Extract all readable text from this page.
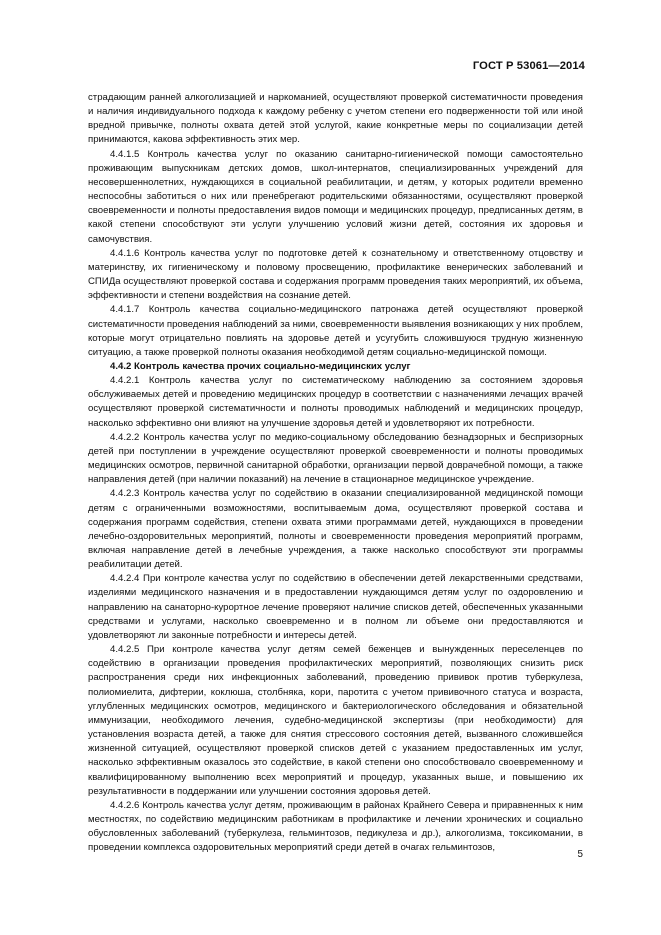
ГОСТ Р 53061—2014

страдающим ранней алкоголизацией и наркоманией, осуществляют проверкой систематичности проведения и наличия индивидуального подхода к каждому ребенку с учетом степени его подверженности той или иной вредной привычке, полноты охвата детей этой услугой, какие конкретные меры по социализации детей принимаются, какова эффективность этих мер.

4.4.1.5 Контроль качества услуг по оказанию санитарно-гигиенической помощи самостоятельно проживающим выпускникам детских домов, школ-интернатов, специализированных учреждений для несовершеннолетних, нуждающихся в социальной реабилитации, и детям, у которых родители временно неспособны заботиться о них или пренебрегают родительскими обязанностями, осуществляют проверкой своевременности и полноты предоставления видов помощи и медицинских процедур, предписанных детям, в какой степени способствуют эти услуги улучшению условий жизни детей, состояния их здоровья и самочувствия.

4.4.1.6 Контроль качества услуг по подготовке детей к сознательному и ответственному отцовству и материнству, их гигиеническому и половому просвещению, профилактике венерических заболеваний и СПИДа осуществляют проверкой состава и содержания программ проведения таких мероприятий, их объема, эффективности и степени воздействия на сознание детей.

4.4.1.7 Контроль качества социально-медицинского патронажа детей осуществляют проверкой систематичности проведения наблюдений за ними, своевременности выявления возникающих у них проблем, которые могут отрицательно повлиять на здоровье детей и усугубить сложившуюся трудную жизненную ситуацию, а также проверкой полноты оказания необходимой детям социально-медицинской помощи.

4.4.2 Контроль качества прочих социально-медицинских услуг

4.4.2.1 Контроль качества услуг по систематическому наблюдению за состоянием здоровья обслуживаемых детей и проведению медицинских процедур в соответствии с назначениями лечащих врачей осуществляют проверкой систематичности и полноты проводимых наблюдений и медицинских процедур, насколько эффективно они влияют на улучшение здоровья детей и удовлетворяют их потребности.

4.4.2.2 Контроль качества услуг по медико-социальному обследованию безнадзорных и беспризорных детей при поступлении в учреждение осуществляют проверкой своевременности и полноты проводимых медицинских осмотров, первичной санитарной обработки, организации первой доврачебной помощи, а также направления детей (при наличии показаний) на лечение в стационарное медицинское учреждение.

4.4.2.3 Контроль качества услуг по содействию в оказании специализированной медицинской помощи детям с ограниченными возможностями, воспитываемым дома, осуществляют проверкой состава и содержания программ содействия, степени охвата этими программами детей, нуждающихся в проведении лечебно-оздоровительных мероприятий, полноты и своевременности проведения мероприятий программ, включая направление детей в лечебные учреждения, а также насколько способствуют эти программы реабилитации детей.

4.4.2.4 При контроле качества услуг по содействию в обеспечении детей лекарственными средствами, изделиями медицинского назначения и в предоставлении нуждающимся детям услуг по оздоровлению и направлению на санаторно-курортное лечение проверяют наличие списков детей, обеспеченных указанными средствами и услугами, насколько своевременно и в полном ли объеме они предоставляются и удовлетворяют ли законные потребности и интересы детей.

4.4.2.5 При контроле качества услуг детям семей беженцев и вынужденных переселенцев по содействию в организации проведения профилактических мероприятий, позволяющих снизить риск распространения среди них инфекционных заболеваний, проведению прививок против туберкулеза, полиомиелита, дифтерии, коклюша, столбняка, кори, паротита с учетом прививочного статуса и возраста, углубленных медицинских осмотров, медицинского и бактериологического обследования и обязательной иммунизации, необходимого лечения, судебно-медицинской экспертизы (при необходимости) для установления возраста детей, а также для снятия стрессового состояния детей, вызванного сложившейся жизненной ситуацией, осуществляют проверкой списков детей с указанием предоставленных им услуг, насколько эффективным оказалось это содействие, в какой степени оно способствовало своевременному и квалифицированному выполнению всех мероприятий и процедур, указанных выше, и повышению их результативности в поддержании или улучшении состояния здоровья детей.

4.4.2.6 Контроль качества услуг детям, проживающим в районах Крайнего Севера и приравненных к ним местностях, по содействию медицинским работникам в профилактике и лечении хронических и социально обусловленных заболеваний (туберкулеза, гельминтозов, педикулеза и др.), алкоголизма, токсикомании, в проведении комплекса оздоровительных мероприятий среди детей в очагах гельминтозов,

5
